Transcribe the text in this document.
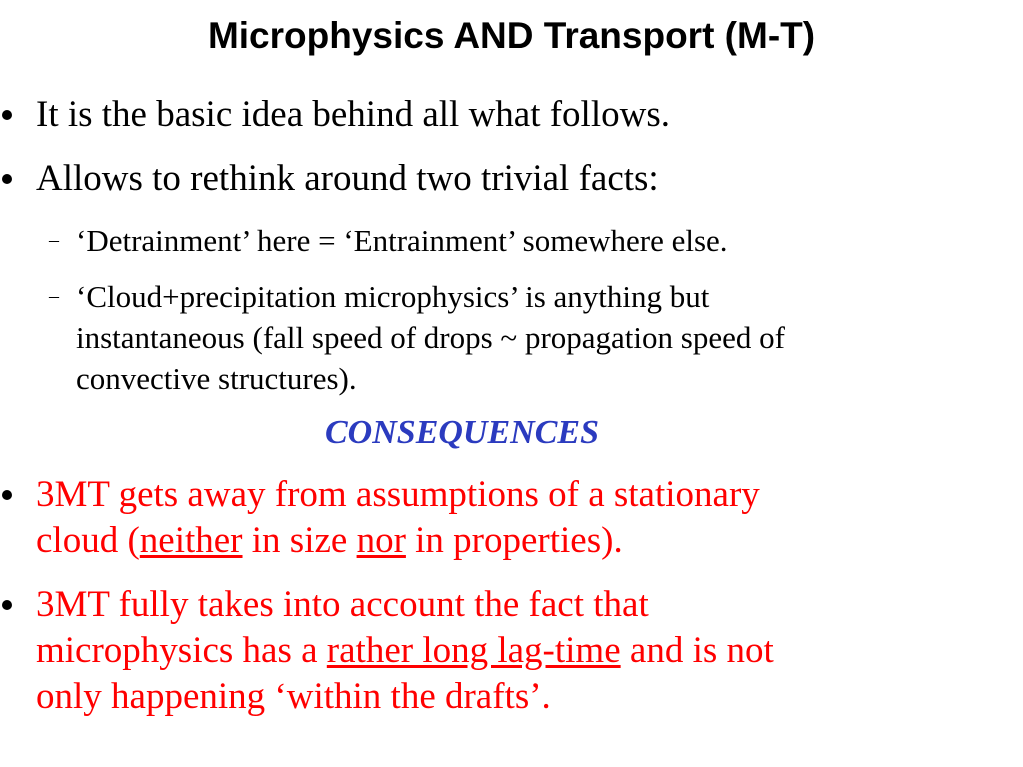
Microphysics AND Transport (M-T)
It is the basic idea behind all what follows.
Allows to rethink around two trivial facts:
– ‘Detrainment’ here = ‘Entrainment’ somewhere else.
– ‘Cloud+precipitation microphysics’ is anything but
instantaneous (fall speed of drops ~ propagation speed of
convective structures).
CONSEQUENCES
3MT gets away from assumptions of a stationary
cloud (neither in size nor in properties).
3MT fully takes into account the fact that
microphysics has a rather long lag-time and is not
only happening ‘within the drafts’.
